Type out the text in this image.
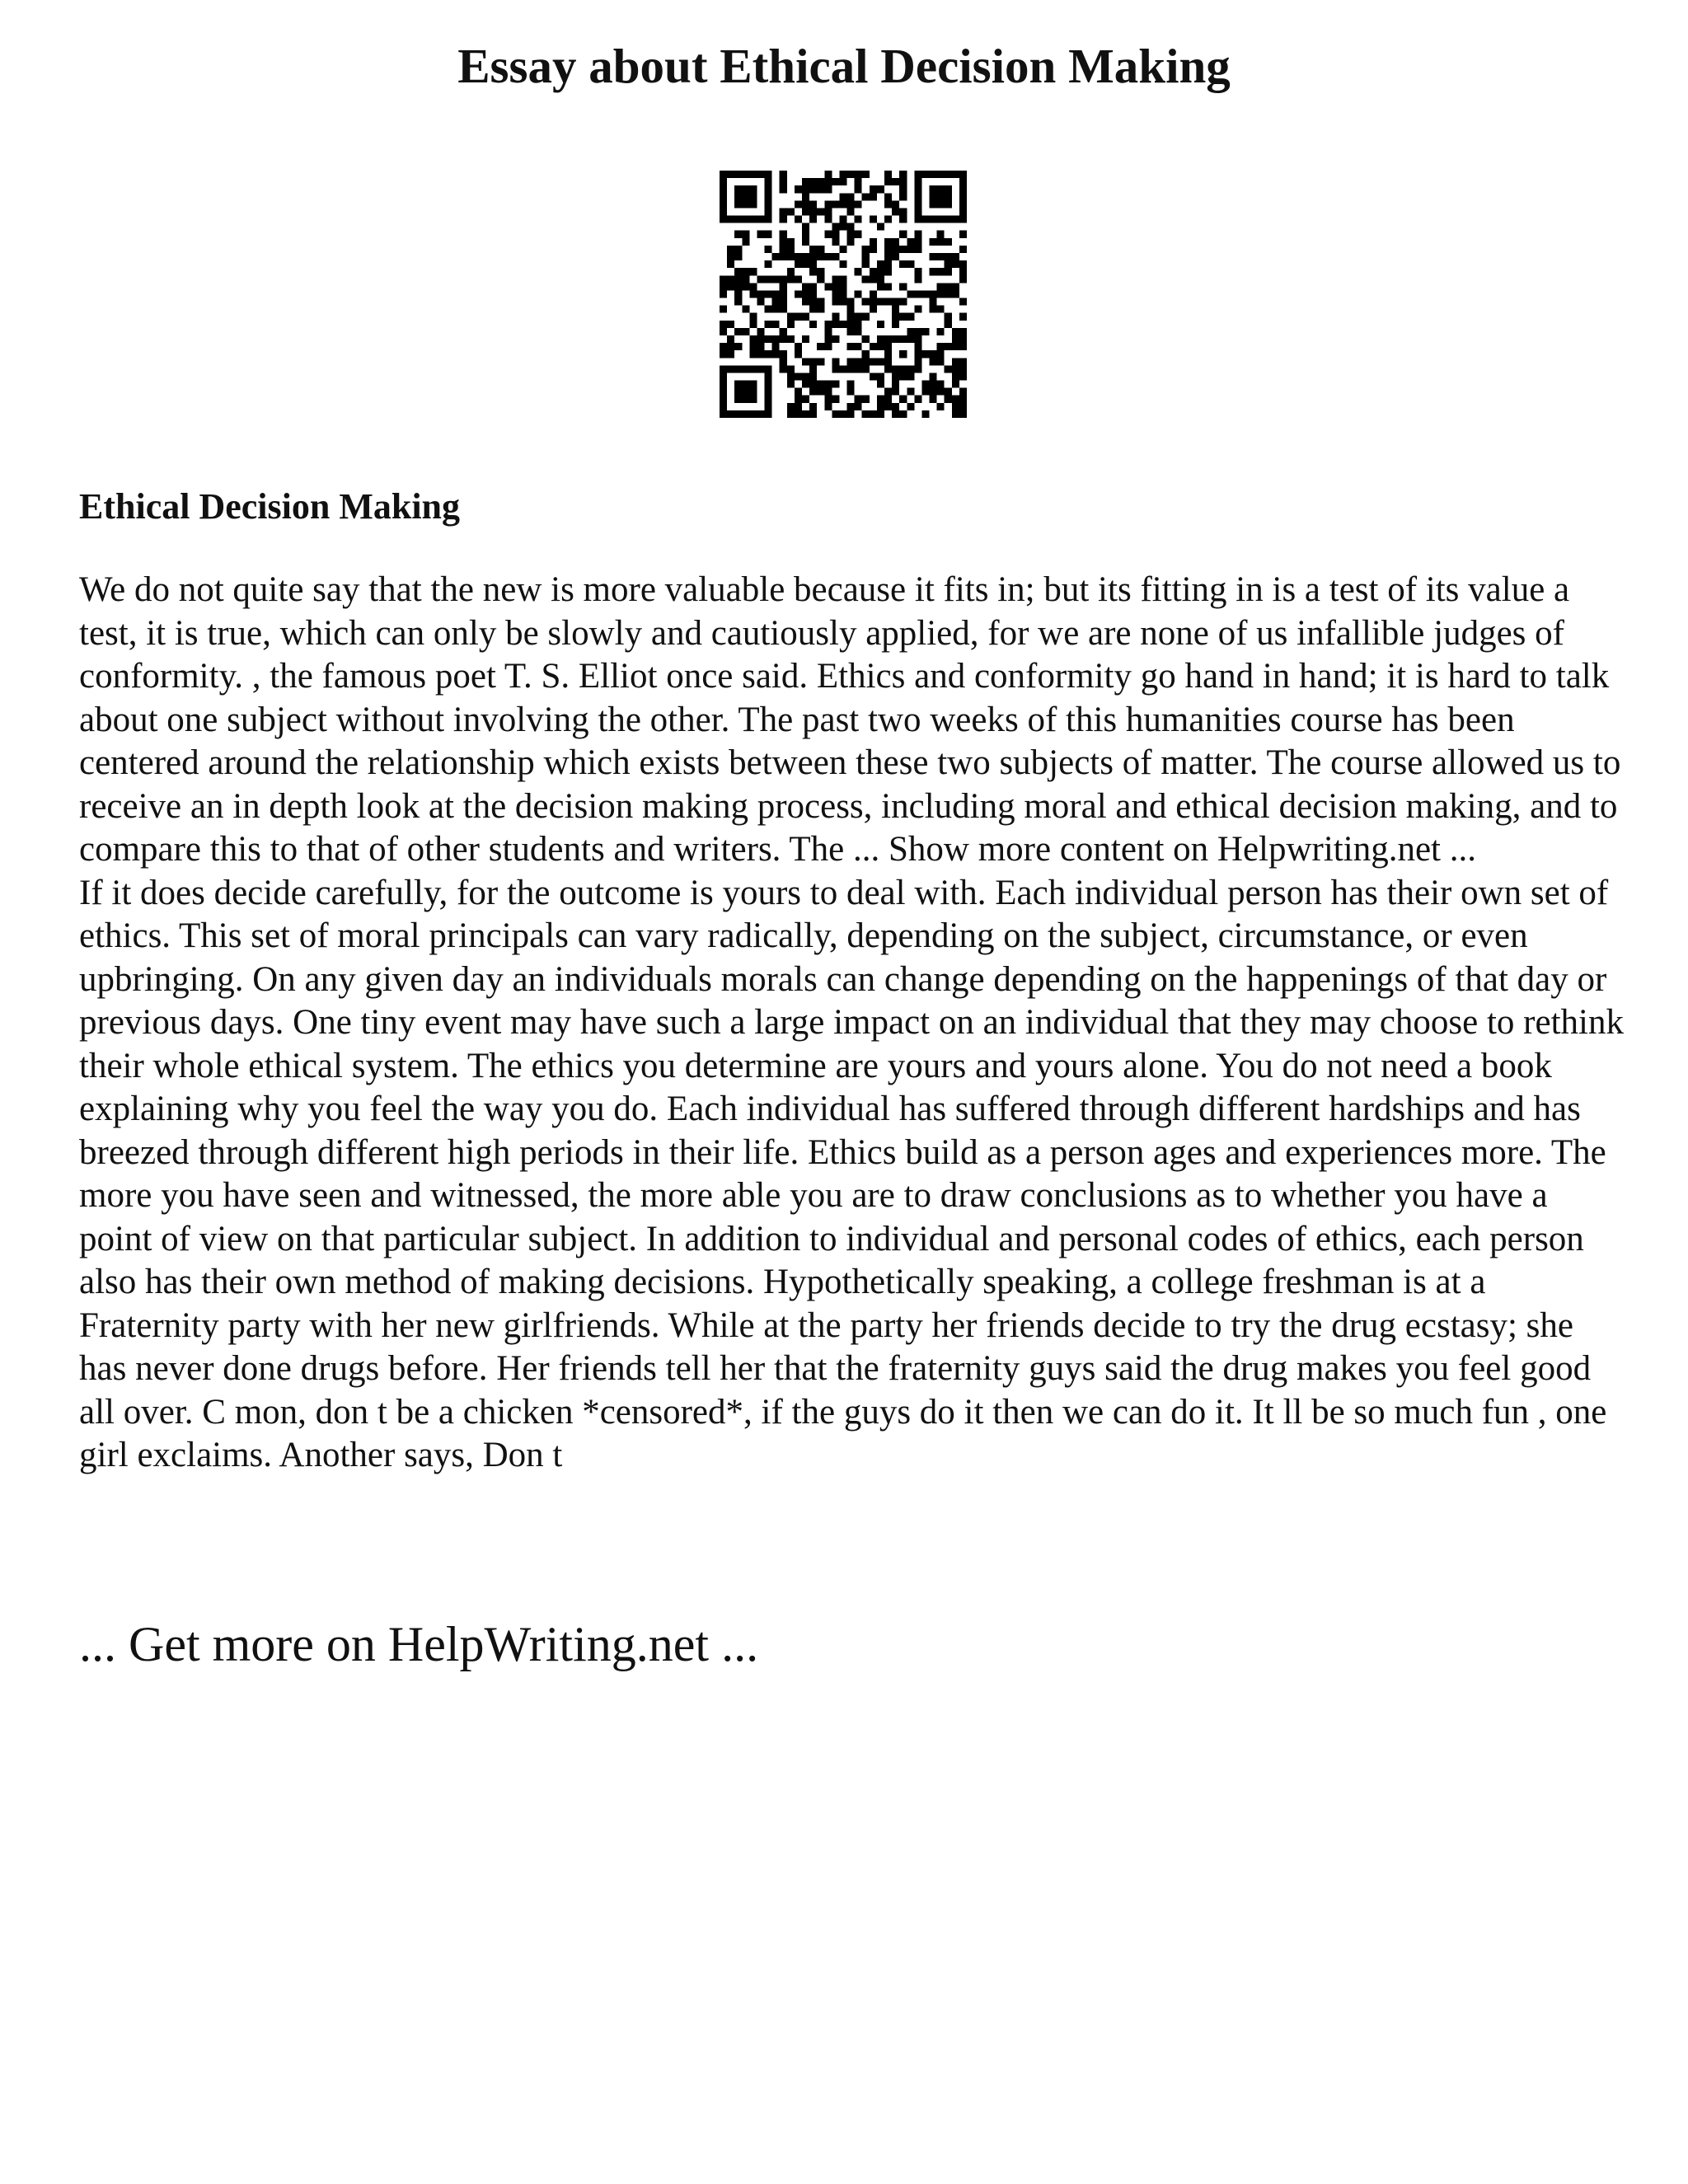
Essay about Ethical Decision Making
Ethical Decision Making

We do not quite say that the new is more valuable because it fits in; but its fitting in is a test of its value a test, it is true, which can only be slowly and cautiously applied, for we are none of us infallible judges of conformity. , the famous poet T. S. Elliot once said. Ethics and conformity go hand in hand; it is hard to talk about one subject without involving the other. The past two weeks of this humanities course has been centered around the relationship which exists between these two subjects of matter. The course allowed us to receive an in depth look at the decision making process, including moral and ethical decision making, and to compare this to that of other students and writers. The ... Show more content on Helpwriting.net ...

If it does decide carefully, for the outcome is yours to deal with. Each individual person has their own set of ethics. This set of moral principals can vary radically, depending on the subject, circumstance, or even upbringing. On any given day an individuals morals can change depending on the happenings of that day or previous days. One tiny event may have such a large impact on an individual that they may choose to rethink their whole ethical system. The ethics you determine are yours and yours alone. You do not need a book explaining why you feel the way you do. Each individual has suffered through different hardships and has breezed through different high periods in their life. Ethics build as a person ages and experiences more. The more you have seen and witnessed, the more able you are to draw conclusions as to whether you have a point of view on that particular subject. In addition to individual and personal codes of ethics, each person also has their own method of making decisions. Hypothetically speaking, a college freshman is at a Fraternity party with her new girlfriends. While at the party her friends decide to try the drug ecstasy; she has never done drugs before. Her friends tell her that the fraternity guys said the drug makes you feel good all over. C mon, don t be a chicken *censored*, if the guys do it then we can do it. It ll be so much fun , one girl exclaims. Another says, Don t

... Get more on HelpWriting.net ...
